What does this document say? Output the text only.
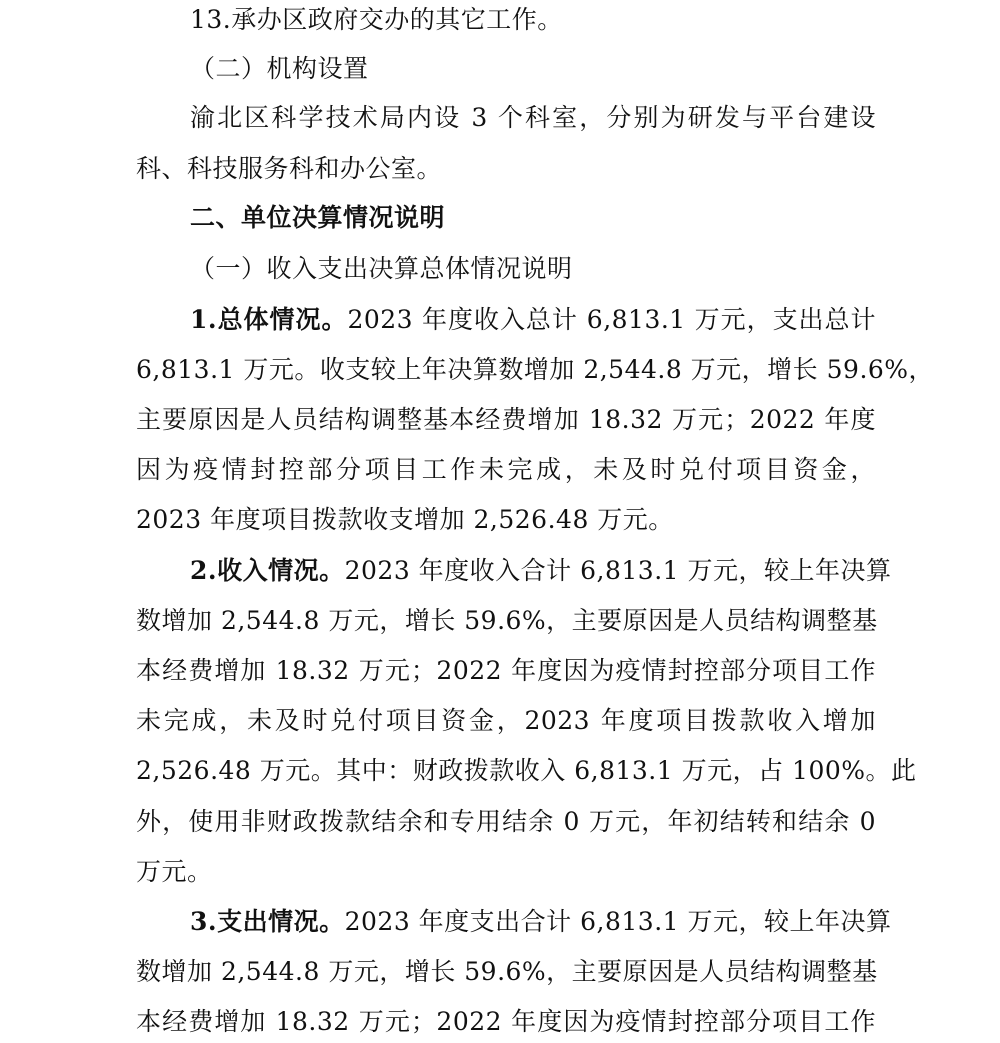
13.承办区政府交办的其它工作。
（二）机构设置
渝北区科学技术局内设 3 个科室，分别为研发与平台建设
科、科技服务科和办公室。
二、单位决算情况说明
（一）收入支出决算总体情况说明
1.总体情况。2023 年度收入总计 6,813.1 万元，支出总计
6,813.1 万元。收支较上年决算数增加 2,544.8 万元，增长 59.6%，
主要原因是人员结构调整基本经费增加 18.32 万元；2022 年度
因为疫情封控部分项目工作未完成，未及时兑付项目资金，
2023 年度项目拨款收支增加 2,526.48 万元。
2.收入情况。2023 年度收入合计 6,813.1 万元，较上年决算
数增加 2,544.8 万元，增长 59.6%，主要原因是人员结构调整基
本经费增加 18.32 万元；2022 年度因为疫情封控部分项目工作
未完成，未及时兑付项目资金，2023 年度项目拨款收入增加
2,526.48 万元。其中：财政拨款收入 6,813.1 万元，占 100%。此
外，使用非财政拨款结余和专用结余 0 万元，年初结转和结余 0
万元。
3.支出情况。2023 年度支出合计 6,813.1 万元，较上年决算
数增加 2,544.8 万元，增长 59.6%，主要原因是人员结构调整基
本经费增加 18.32 万元；2022 年度因为疫情封控部分项目工作
